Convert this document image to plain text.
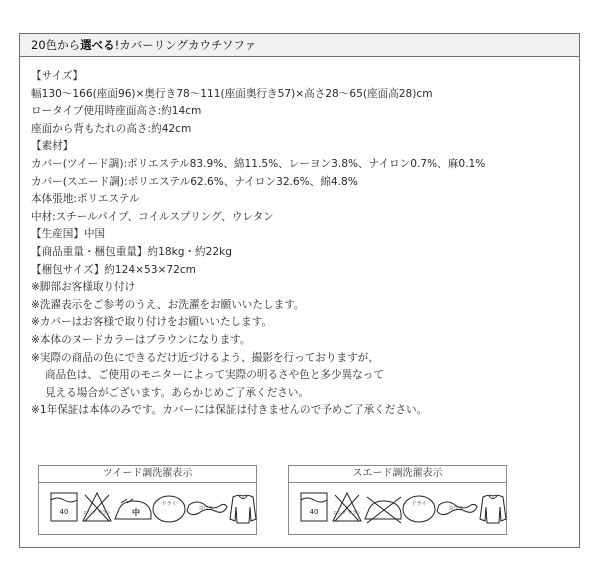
20色から選べる!カバーリングカウチソファ
【サイズ】
幅130〜166(座面96)×奥行き78〜111(座面奥行き57)×高さ28〜65(座面高28)cm
ロータイプ使用時座面高さ:約14cm
座面から背もたれの高さ:約42cm
【素材】
カバー(ツイード調):ポリエステル83.9%、綿11.5%、レーヨン3.8%、ナイロン0.7%、麻0.1%
カバー(スエード調):ポリエステル62.6%、ナイロン32.6%、綿4.8%
本体張地:ポリエステル
中材:スチールパイプ、コイルスプリング、ウレタン
【生産国】中国
【商品重量・梱包重量】約18kg・約22kg
【梱包サイズ】約124×53×72cm
※脚部お客様取り付け
※洗濯表示をご参考のうえ、お洗濯をお願いいたします。
※カバーはお客様で取り付けをお願いいたします。
※本体のヌードカラーはブラウンになります。
※実際の商品の色にできるだけ近づけるよう、撮影を行っておりますが、
商品色は、ご使用のモニターによって実際の明るさや色と多少異なって
見える場合がございます。あらかじめご了承ください。
※1年保証は本体のみです。カバーには保証は付きませんので予めご了承ください。
ツイード調洗濯表示
40	エンソ サラシ	中
ドライ
ヨワク
スエード調洗濯表示
40	エンソ サラシ
ドライ
ヨワク
